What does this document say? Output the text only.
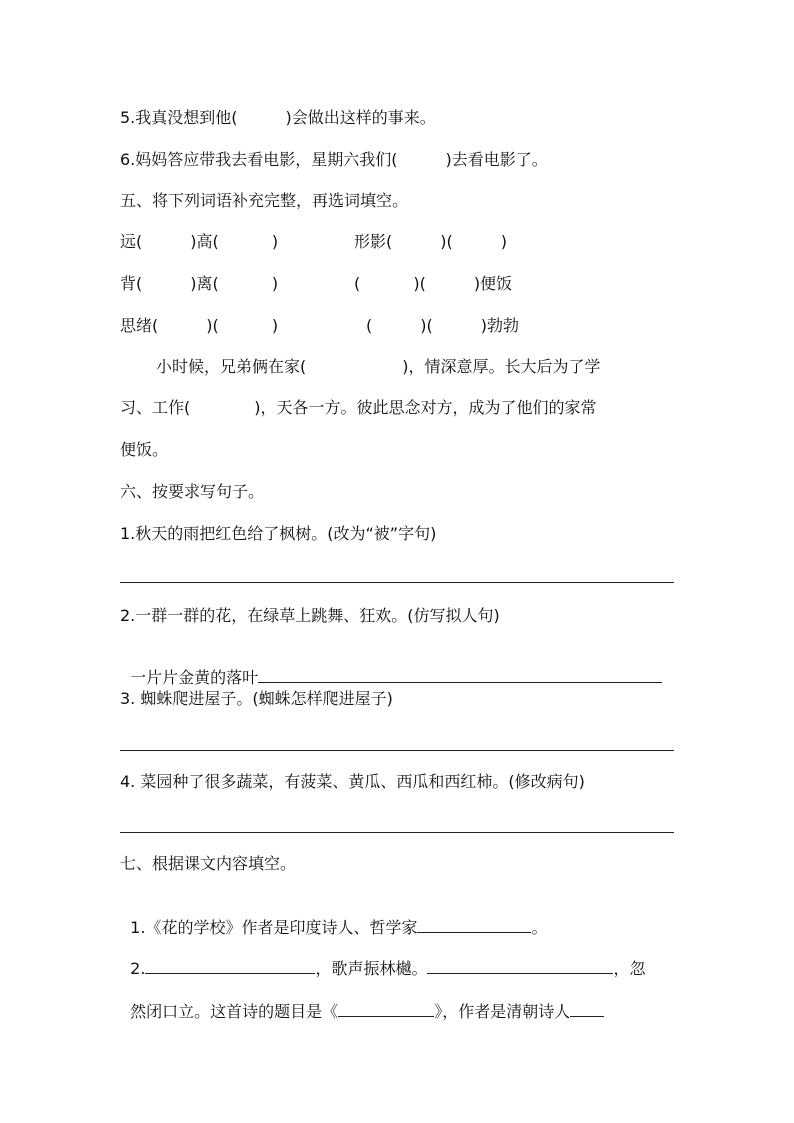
5.我真没想到他(　　　)会做出这样的事来。
6.妈妈答应带我去看电影，星期六我们(　　　)去看电影了。
五、将下列词语补充完整，再选词填空。
远(　　　)高(　　　 )	形影(　　　)(　　　)
背(　　　)离(　　　 )	(　　　 )(　　　)便饭
思绪(　　　)(　　　 )	(　　　)(　　　)勃勃
小时候，兄弟俩在家(　　　　　　)，情深意厚。长大后为了学
习、工作(　　　　)，天各一方。彼此思念对方，成为了他们的家常
便饭。
六、按要求写句子。
1.秋天的雨把红色给了枫树。(改为“被”字句)
2.一群一群的花，在绿草上跳舞、狂欢。(仿写拟人句)

一片片金黄的落叶

3. 蜘蛛爬进屋子。(蜘蛛怎样爬进屋子)
4. 菜园种了很多蔬菜，有菠菜、黄瓜、西瓜和西红柿。(修改病句)
七、根据课文内容填空。

1.《花的学校》作者是印度诗人、哲学家	。

2.	，歌声振林樾。	，忽

然闭口立。这首诗的题目是《	》，作者是清朝诗人
